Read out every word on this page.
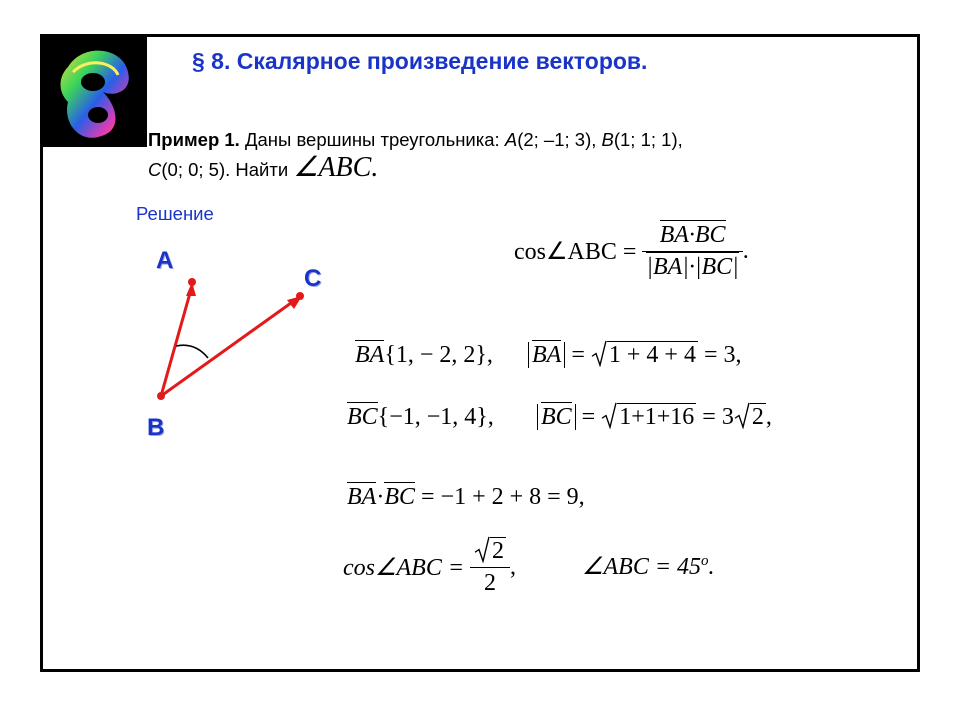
§ 8. Скалярное произведение векторов.
Пример 1. Даны вершины треугольника: A(2; –1; 3), B(1; 1; 1),
C(0; 0; 5). Найти ∠ABC.
Решение
A
C
B
cos∠ABC = $\frac{BA\cdot BC}{|BA|\cdot|BC|}$ .
BA{1, − 2, 2}, BA =
1 + 4 + 4 = 3,
BC{−1, −1, 4}, BC =
1+1+16 = 3 2,
BA·BC = −1 + 2 + 8 = 9,
cos∠ABC = $\frac{2}{2}$ ,	∠ABC = $45^o$.
